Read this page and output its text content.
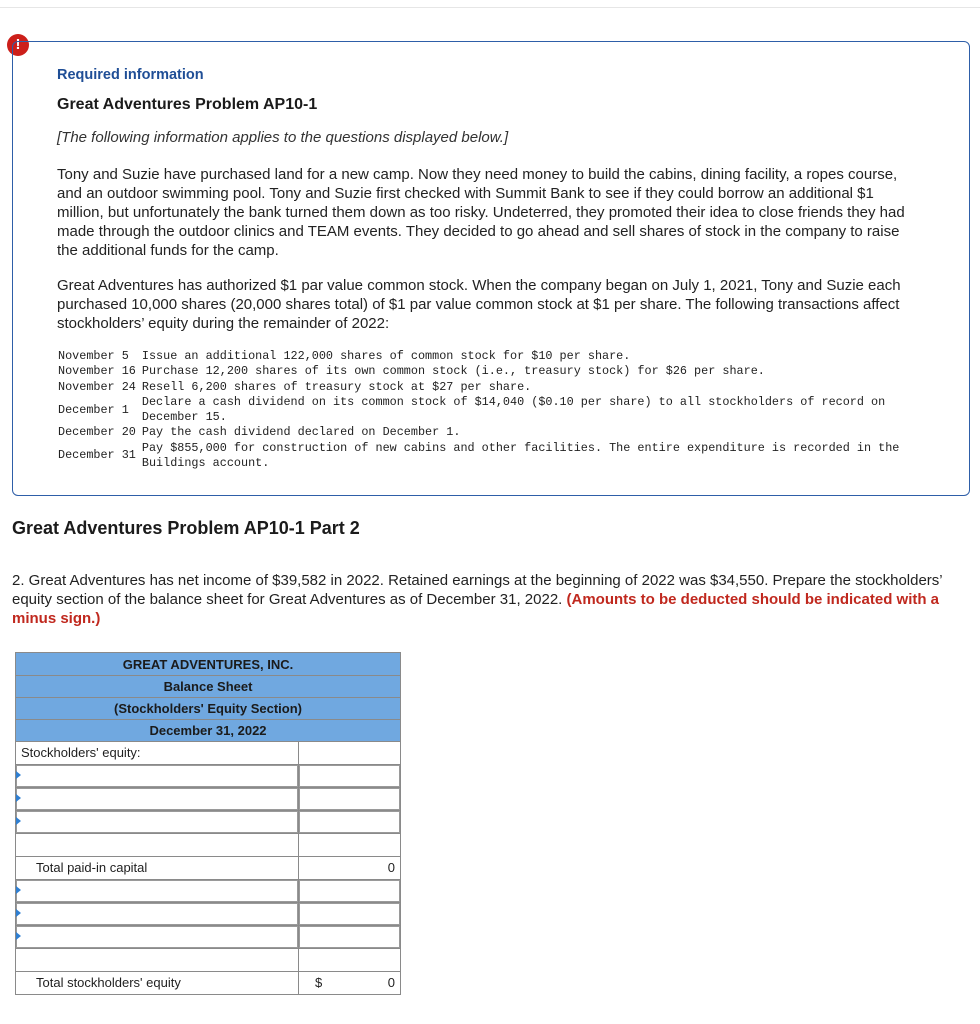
!
Required information
Great Adventures Problem AP10-1
[The following information applies to the questions displayed below.]
Tony and Suzie have purchased land for a new camp. Now they need money to build the cabins, dining facility, a ropes course, and an outdoor swimming pool. Tony and Suzie first checked with Summit Bank to see if they could borrow an additional $1 million, but unfortunately the bank turned them down as too risky. Undeterred, they promoted their idea to close friends they had made through the outdoor clinics and TEAM events. They decided to go ahead and sell shares of stock in the company to raise the additional funds for the camp.
Great Adventures has authorized $1 par value common stock. When the company began on July 1, 2021, Tony and Suzie each purchased 10,000 shares (20,000 shares total) of $1 par value common stock at $1 per share. The following transactions affect stockholders’ equity during the remainder of 2022:
November 5	Issue an additional 122,000 shares of common stock for $10 per share.
November 16	Purchase 12,200 shares of its own common stock (i.e., treasury stock) for $26 per share.
November 24	Resell 6,200 shares of treasury stock at $27 per share.
December 1	Declare a cash dividend on its common stock of $14,040 ($0.10 per share) to all stockholders of record on December 15.
December 20	Pay the cash dividend declared on December 1.
December 31	Pay $855,000 for construction of new cabins and other facilities. The entire expenditure is recorded in the Buildings account.
Great Adventures Problem AP10-1 Part 2
2. Great Adventures has net income of $39,582 in 2022. Retained earnings at the beginning of 2022 was $34,550. Prepare the stockholders’ equity section of the balance sheet for Great Adventures as of December 31, 2022. (Amounts to be deducted should be indicated with a minus sign.)
GREAT ADVENTURES, INC.
Balance Sheet
(Stockholders' Equity Section)
December 31, 2022
Stockholders' equity:
Total paid-in capital	0
Total stockholders' equity	$	0
